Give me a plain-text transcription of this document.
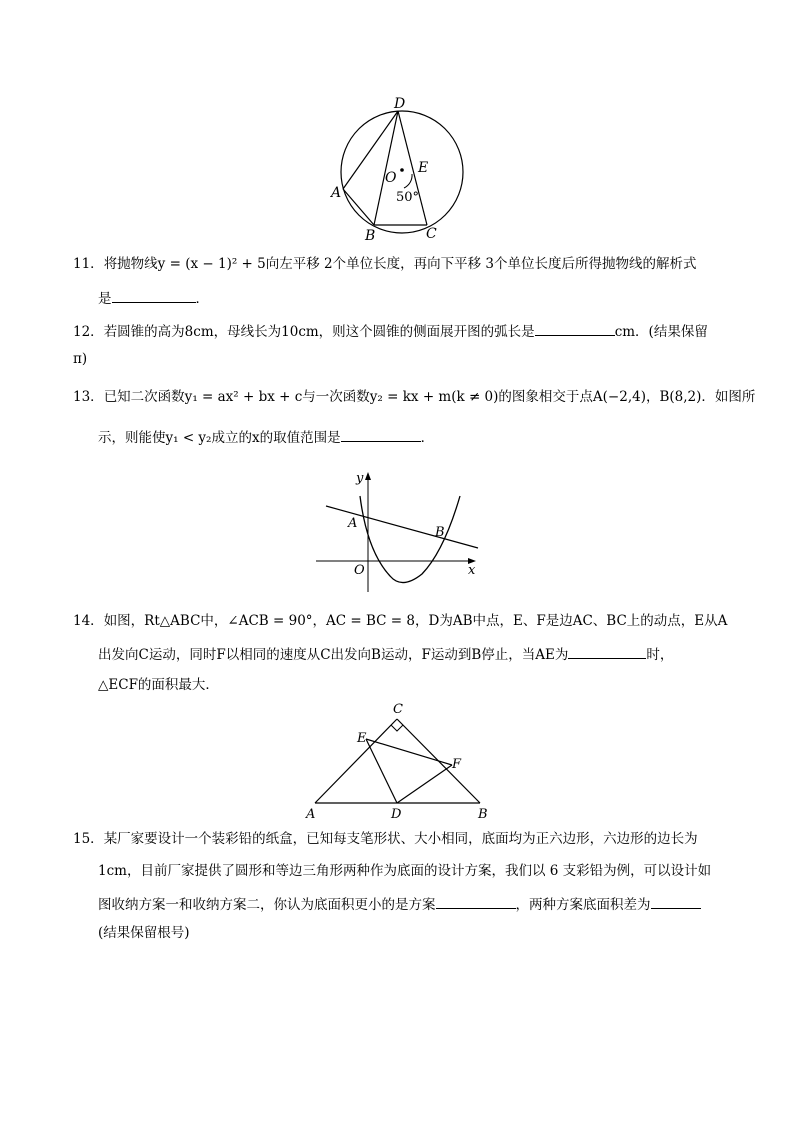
D
O
E
A
B	C
50°
11．将抛物线y = (x − 1)² + 5向左平移 2个单位长度，再向下平移 3个单位长度后所得抛物线的解析式
是	．
12．若圆锥的高为8cm，母线长为10cm，则这个圆锥的侧面展开图的弧长是	cm．(结果保留
π)
13．已知二次函数y₁ = ax² + bx + c与一次函数y₂ = kx + m(k ≠ 0)的图象相交于点A(−2,4)，B(8,2)．如图所
示，则能使y₁ < y₂成立的x的取值范围是	．
y
x
O
A
B
14．如图，Rt△ABC中，∠ACB = 90°，AC = BC = 8，D为AB中点，E、F是边AC、BC上的动点，E从A
出发向C运动，同时F以相同的速度从C出发向B运动，F运动到B停止，当AE为	时，
△ECF的面积最大．
C
E
F
A	D	B
15．某厂家要设计一个装彩铅的纸盒，已知每支笔形状、大小相同，底面均为正六边形，六边形的边长为
1cm，目前厂家提供了圆形和等边三角形两种作为底面的设计方案，我们以 6 支彩铅为例，可以设计如
图收纳方案一和收纳方案二，你认为底面积更小的是方案	，两种方案底面积差为
(结果保留根号)
